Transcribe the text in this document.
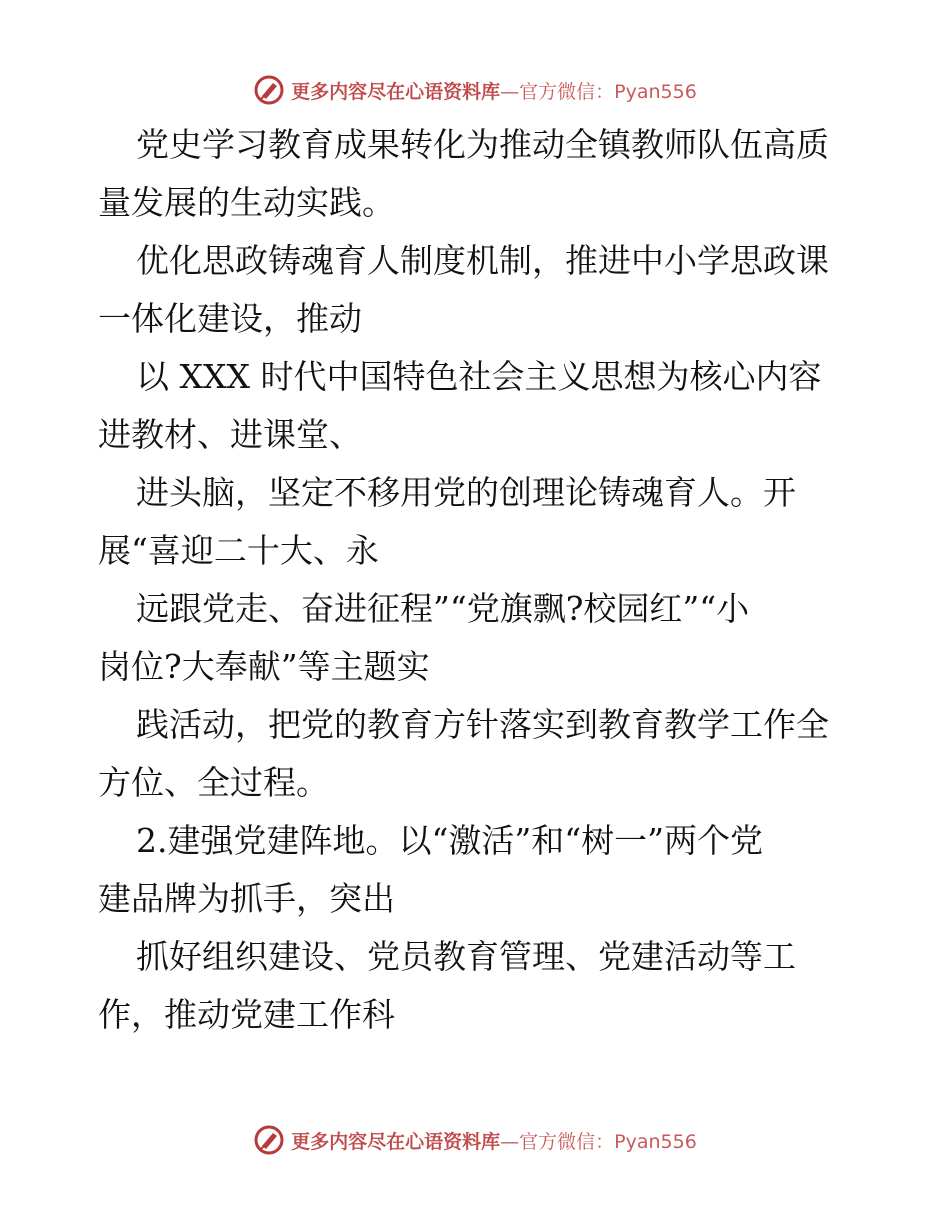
更多内容尽在心语资料库—官方微信：Pyan556

党史学习教育成果转化为推动全镇教师队伍高质
量发展的生动实践。

优化思政铸魂育人制度机制，推进中小学思政课
一体化建设，推动

以 XXX 时代中国特色社会主义思想为核心内容
进教材、进课堂、

进头脑，坚定不移用党的创理论铸魂育人。开
展“喜迎二十大、永

远跟党走、奋进征程”“党旗飘?校园红”“小
岗位?大奉献”等主题实

践活动，把党的教育方针落实到教育教学工作全
方位、全过程。

2.建强党建阵地。以“激活”和“树一”两个党
建品牌为抓手，突出

抓好组织建设、党员教育管理、党建活动等工
作，推动党建工作科

更多内容尽在心语资料库—官方微信：Pyan556
